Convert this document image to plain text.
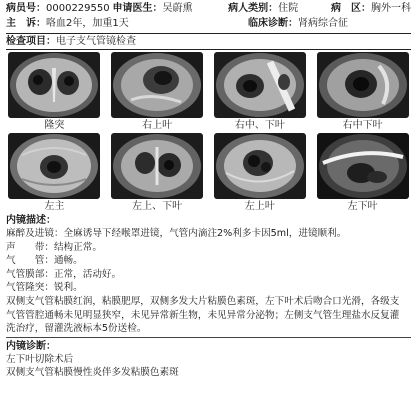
病员号：0000229550 申请医生：吴蔚熏	病人类别：住院	病　区：胸外一科
主　诉：咯血2年，加重1天	临床诊断：肾病综合征
检查项目： 电子支气管镜检查
隆突	右上叶	右中、下叶	右中下叶
左主	左上、下叶	左上叶	左下叶
内镜描述：
麻醉及进镜：全麻诱导下经喉罩进镜，气管内滴注2%利多卡因5ml，进镜顺利。
声　　带：结构正常。
气　　管：通畅。
气管膜部：正常，活动好。
气管隆突：锐利。
双侧支气管粘膜红润，粘膜肥厚，双侧多发大片粘膜色素斑，左下叶术后吻合口光滑，各级支
气管管腔通畅未见明显狭窄，未见异常新生物，未见异常分泌物；左侧支气管生理盐水反复灌
洗治疗，留灌洗液标本5份送检。
内镜诊断：
左下叶切除术后
双侧支气管粘膜慢性炎伴多发粘膜色素斑
